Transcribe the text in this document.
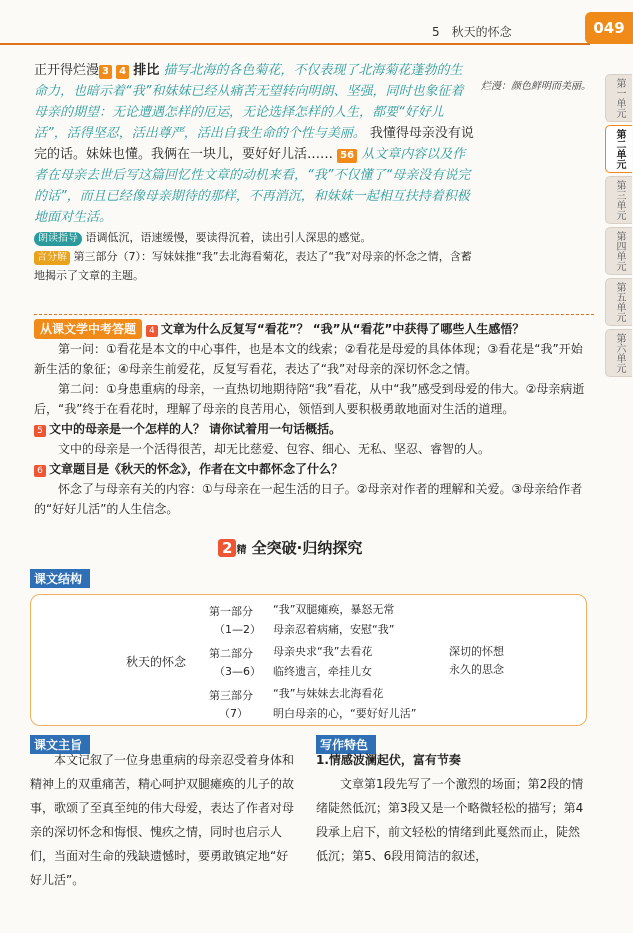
5　秋天的怀念	049
第一单元
第二单元
第三单元
第四单元
第五单元
第六单元
烂漫：颜色鲜明而美丽。
正开得烂漫 3 4 排比 描写北海的各色菊花，不仅表现了北海菊花蓬勃的生命力，也暗示着“我”和妹妹已经从痛苦无望转向明朗、坚强，同时也象征着母亲的期望：无论遭遇怎样的厄运，无论选择怎样的人生，都要“好好儿活”，活得坚忍，活出尊严，活出自我生命的个性与美丽。 我懂得母亲没有说完的话。妹妹也懂。我俩在一块儿，要好好儿活…… 56 从文章内容以及作者在母亲去世后写这篇回忆性文章的动机来看，“我”不仅懂了“母亲没有说完的话”，而且已经像母亲期待的那样，不再消沉，和妹妹一起相互扶持着积极地面对生活。
朗读指导 语调低沉，语速缓慢，要读得沉着，读出引人深思的感觉。
言分解 第三部分（7）：写妹妹推“我”去北海看菊花，表达了“我”对母亲的怀念之情，含蓄地揭示了文章的主题。
从课文学中考答题 4 文章为什么反复写“看花”？ “我”从“看花”中获得了哪些人生感悟？
第一问：①看花是本文的中心事件，也是本文的线索；②看花是母爱的具体体现；③看花是“我”开始新生活的象征；④母亲生前爱花，反复写看花，表达了“我”对母亲的深切怀念之情。
第二问：①身患重病的母亲，一直热切地期待陪“我”看花，从中“我”感受到母爱的伟大。②母亲病逝后，“我”终于在看花时，理解了母亲的良苦用心，领悟到人要积极勇敢地面对生活的道理。
5 文中的母亲是一个怎样的人？ 请你试着用一句话概括。
文中的母亲是一个活得很苦，却无比慈爱、包容、细心、无私、坚忍、睿智的人。
6 文章题目是《秋天的怀念》，作者在文中都怀念了什么？
怀念了与母亲有关的内容：①与母亲在一起生活的日子。②母亲对作者的理解和关爱。③母亲给作者的“好好儿活”的人生信念。
2 精 全突破·归纳探究
课文结构
秋天的怀念
第一部分
（1—2）
“我”双腿瘫痪，暴怒无常
母亲忍着病痛，安慰“我”
第二部分
（3—6）
母亲央求“我”去看花
临终遗言，牵挂儿女
第三部分
（7）
“我”与妹妹去北海看花
明白母亲的心，“要好好儿活”
深切的怀想
永久的思念
课文主旨
本文记叙了一位身患重病的母亲忍受着身体和精神上的双重痛苦，精心呵护双腿瘫痪的儿子的故事，歌颂了至真至纯的伟大母爱，表达了作者对母亲的深切怀念和悔恨、愧疚之情，同时也启示人们，当面对生命的残缺遗憾时，要勇敢镇定地“好好儿活”。
写作特色
1.情感波澜起伏，富有节奏
文章第1段先写了一个激烈的场面；第2段的情绪陡然低沉；第3段又是一个略微轻松的描写；第4段承上启下，前文轻松的情绪到此戛然而止，陡然低沉；第5、6段用简洁的叙述，
